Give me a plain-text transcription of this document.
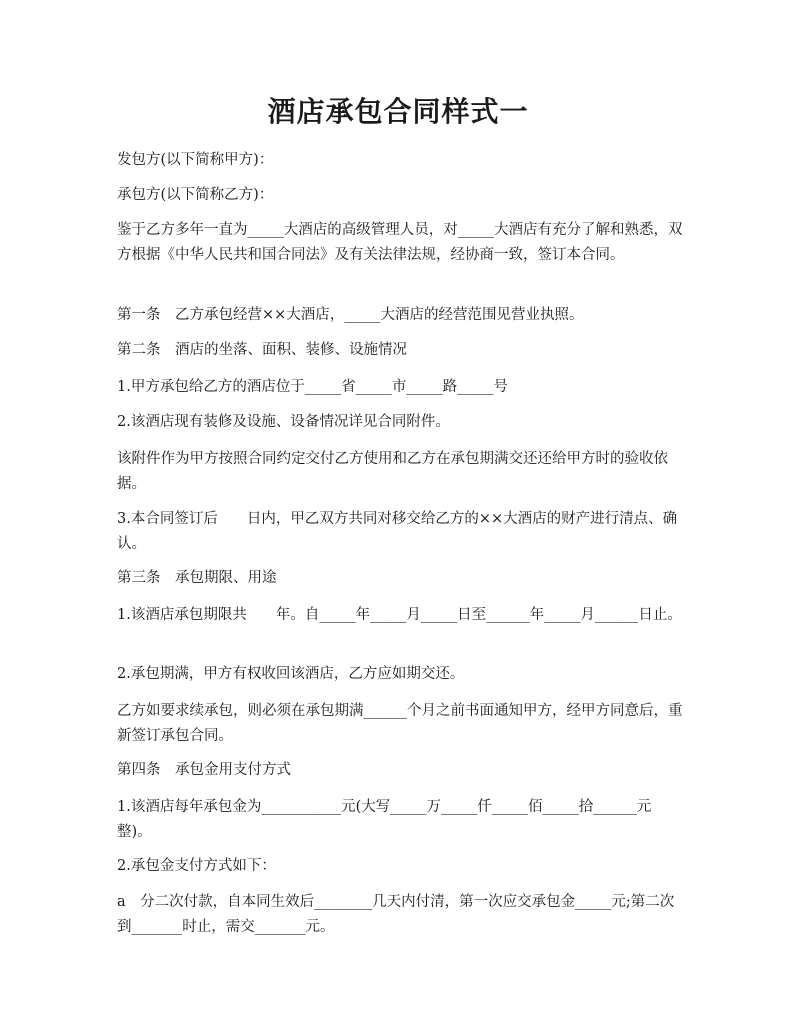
酒店承包合同样式一

发包方(以下简称甲方)：

承包方(以下简称乙方)：

鉴于乙方多年一直为_____大酒店的高级管理人员，对_____大酒店有充分了解和熟悉，双方根据《中华人民共和国合同法》及有关法律法规，经协商一致，签订本合同。

第一条　乙方承包经营××大酒店，_____大酒店的经营范围见营业执照。

第二条　酒店的坐落、面积、装修、设施情况

1.甲方承包给乙方的酒店位于_____省_____市_____路_____号

2.该酒店现有装修及设施、设备情况详见合同附件。

该附件作为甲方按照合同约定交付乙方使用和乙方在承包期满交还还给甲方时的验收依据。

3.本合同签订后　　日内，甲乙双方共同对移交给乙方的××大酒店的财产进行清点、确认。

第三条　承包期限、用途

1.该酒店承包期限共　　年。自_____年_____月_____日至______年_____月______日止。

2.承包期满，甲方有权收回该酒店，乙方应如期交还。

乙方如要求续承包，则必须在承包期满______个月之前书面通知甲方，经甲方同意后，重新签订承包合同。

第四条　承包金用支付方式

1.该酒店每年承包金为___________元(大写_____万_____仟_____佰_____拾______元整)。

2.承包金支付方式如下：

a　分二次付款，自本同生效后________几天内付清，第一次应交承包金_____元;第二次到_______时止，需交_______元。
